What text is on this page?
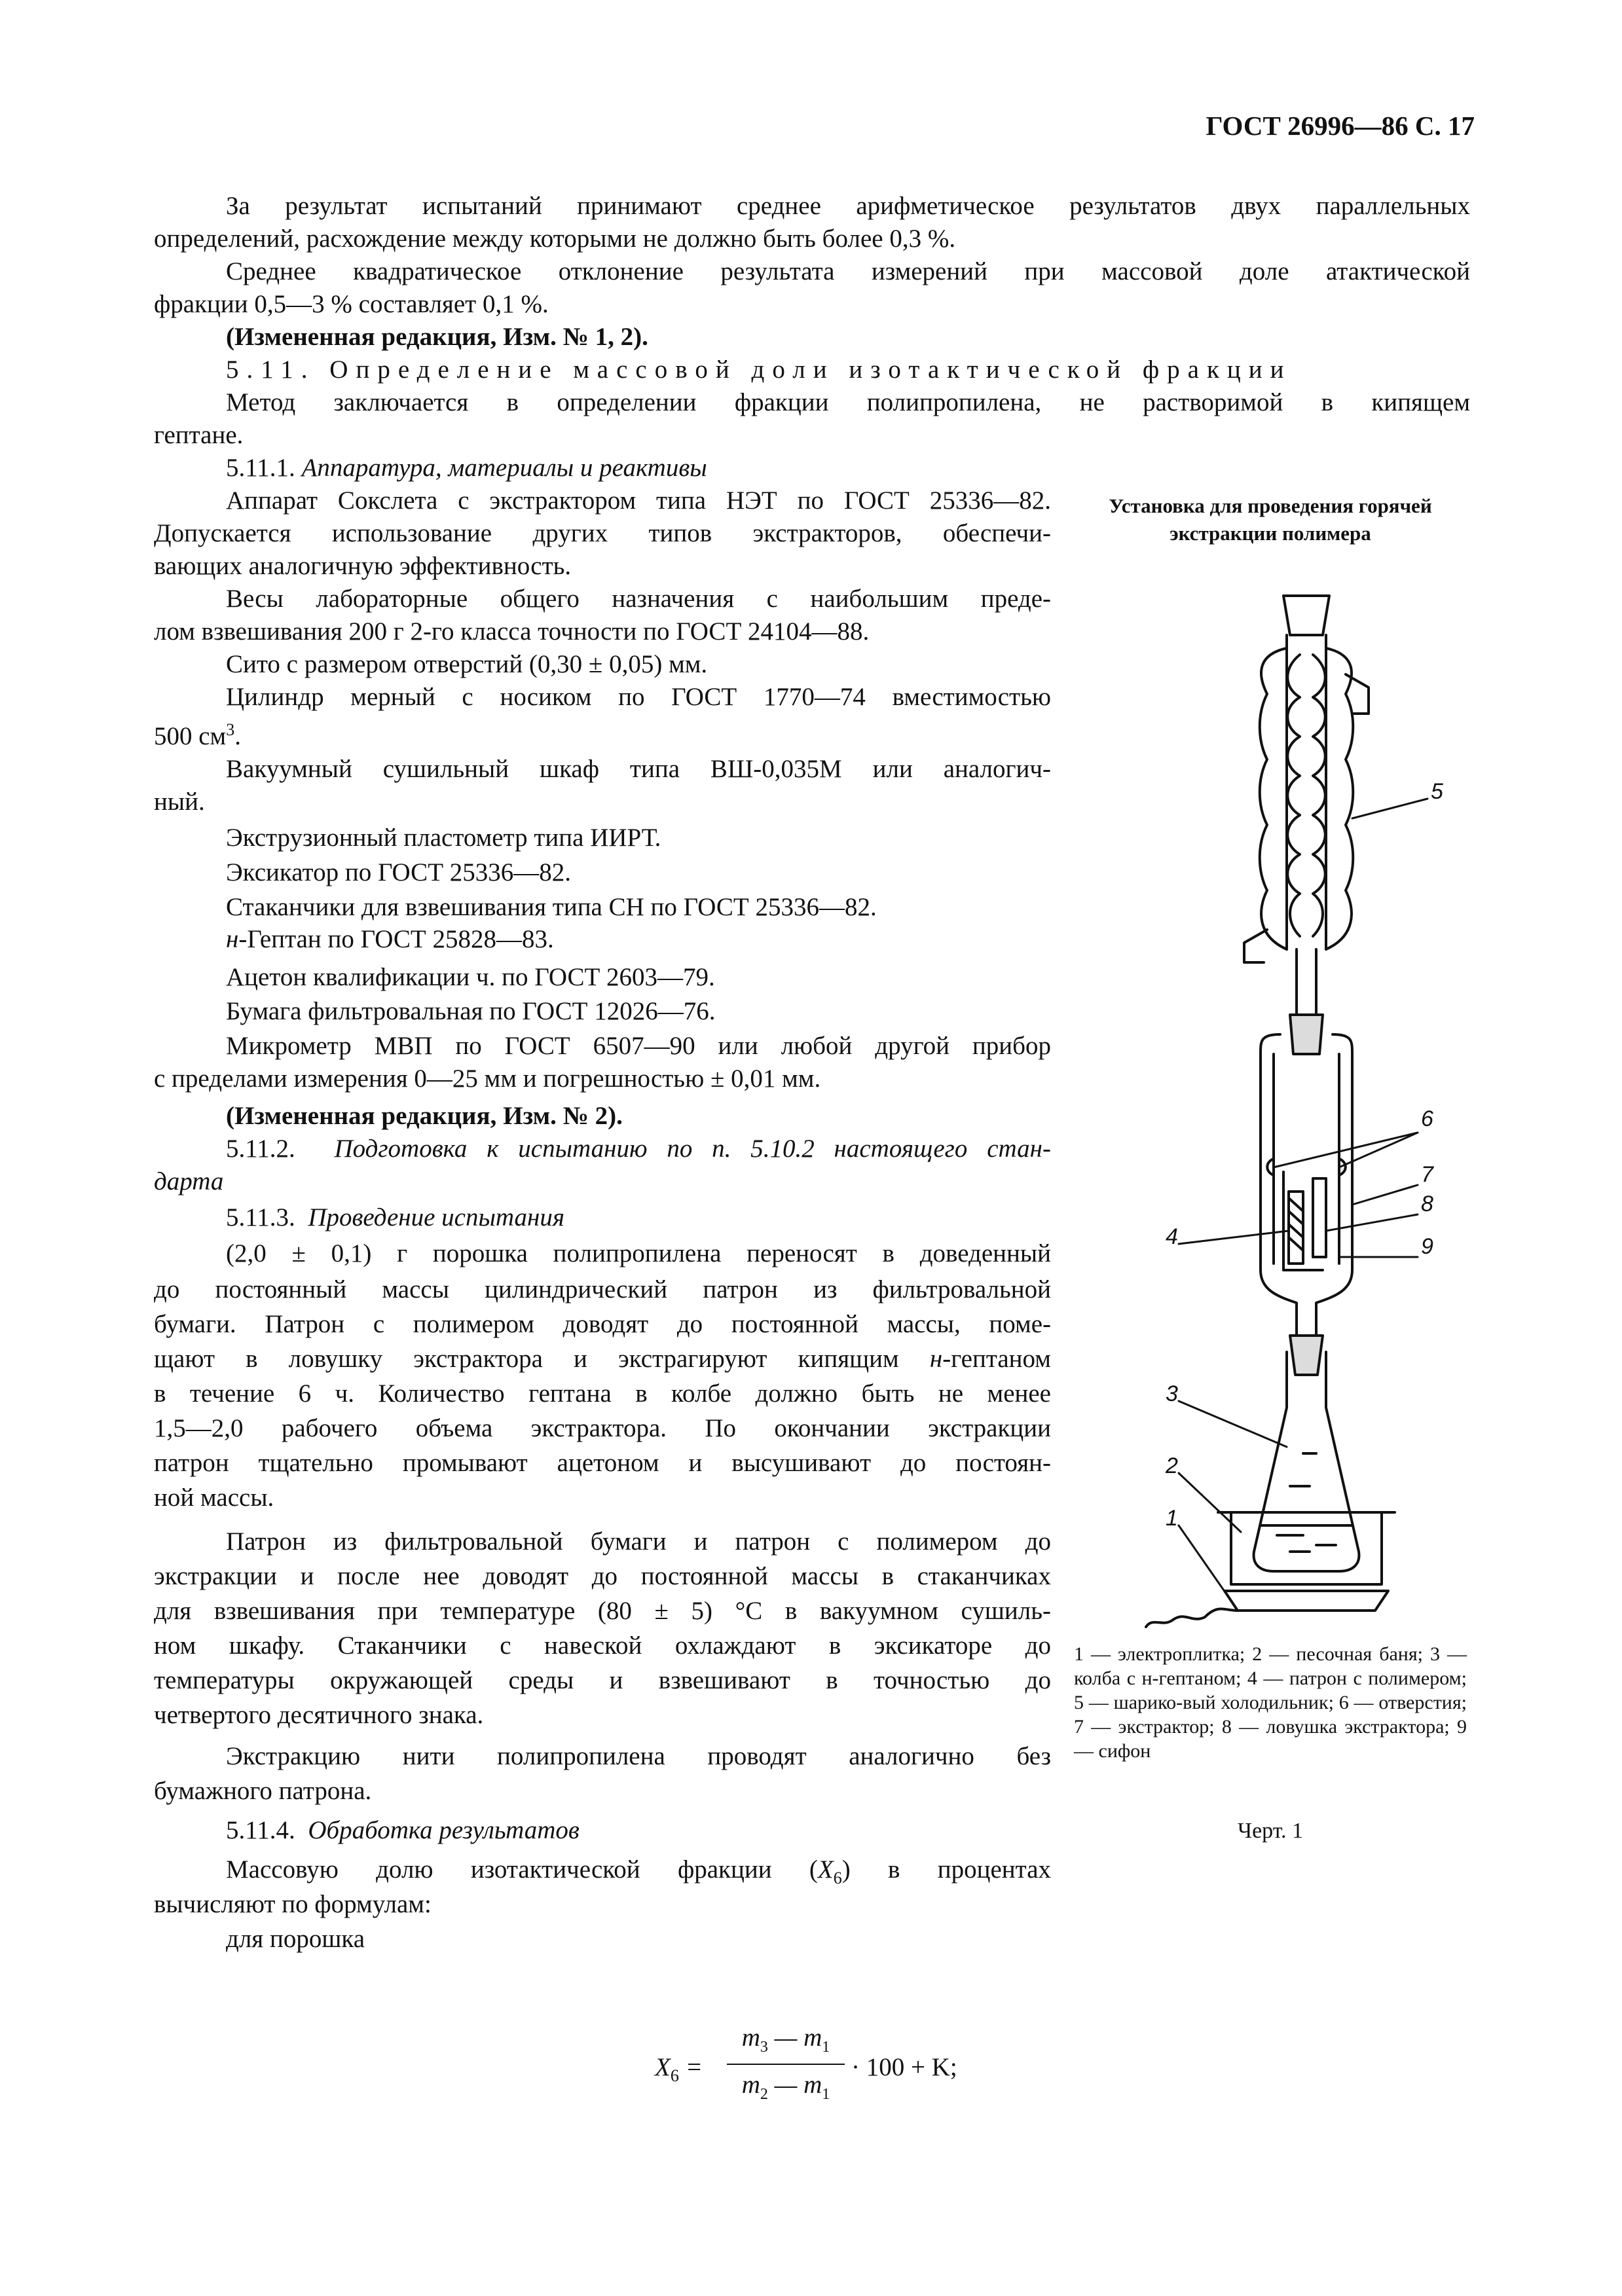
ГОСТ 26996—86 С. 17

За результат испытаний принимают среднее арифметическое результатов двух параллельных

определений, расхождение между которыми не должно быть более 0,3 %.

Среднее квадратическое отклонение результата измерений при массовой доле атактической

фракции 0,5—3 % составляет 0,1 %.

(Измененная редакция, Изм. № 1, 2).

5.11. Определение массовой доли изотактической фракции

Метод заключается в определении фракции полипропилена, не растворимой в кипящем

гептане.

5.11.1. Аппаратура, материалы и реактивы

Аппарат Сокслета с экстрактором типа НЭТ по ГОСТ 25336—82.

Допускается использование других типов экстракторов, обеспечи-

вающих аналогичную эффективность.

Весы лабораторные общего назначения с наибольшим преде-

лом взвешивания 200 г 2-го класса точности по ГОСТ 24104—88.

Сито с размером отверстий (0,30 ± 0,05) мм.

Цилиндр мерный с носиком по ГОСТ 1770—74 вместимостью

500 $см^3$.

Вакуумный сушильный шкаф типа ВШ-0,035М или аналогич-

ный.

Экструзионный пластометр типа ИИРТ.

Эксикатор по ГОСТ 25336—82.

Стаканчики для взвешивания типа СН по ГОСТ 25336—82.

н-Гептан по ГОСТ 25828—83.

Ацетон квалификации ч. по ГОСТ 2603—79.

Бумага фильтровальная по ГОСТ 12026—76.

Микрометр МВП по ГОСТ 6507—90 или любой другой прибор

с пределами измерения 0—25 мм и погрешностью ± 0,01 мм.

(Измененная редакция, Изм. № 2).

5.11.2. Подготовка к испытанию по п. 5.10.2 настоящего стан-

дарта

5.11.3. Проведение испытания

(2,0 ± 0,1) г порошка полипропилена переносят в доведенный

до постоянный массы цилиндрический патрон из фильтровальной

бумаги. Патрон с полимером доводят до постоянной массы, поме-

щают в ловушку экстрактора и экстрагируют кипящим н-гептаном

в течение 6 ч. Количество гептана в колбе должно быть не менее

1,5—2,0 рабочего объема экстрактора. По окончании экстракции

патрон тщательно промывают ацетоном и высушивают до постоян-

ной массы.

Патрон из фильтровальной бумаги и патрон с полимером до

экстракции и после нее доводят до постоянной массы в стаканчиках

для взвешивания при температуре (80 ± 5) °С в вакуумном сушиль-

ном шкафу. Стаканчики с навеской охлаждают в эксикаторе до

температуры окружающей среды и взвешивают в точностью до

четвертого десятичного знака.

Экстракцию нити полипропилена проводят аналогично без

бумажного патрона.

5.11.4. Обработка результатов

Массовую долю изотактической фракции $(X_6)$ в процентах

вычисляют по формулам:

для порошка

$X_6$ =
$m_3$ — $m_1$
$m_2$ — $m_1$
· 100 + K;
Установка для проведения горячей экстракции полимера
5
6
7
8
9
4
3
2
1
1 — электроплитка; 2 — песочная баня; 3 — колба с н-гептаном; 4 — патрон с полимером; 5 — шарико-вый холодильник; 6 — отверстия; 7 — экстрактор; 8 — ловушка экстрактора; 9 — сифон
Черт. 1
